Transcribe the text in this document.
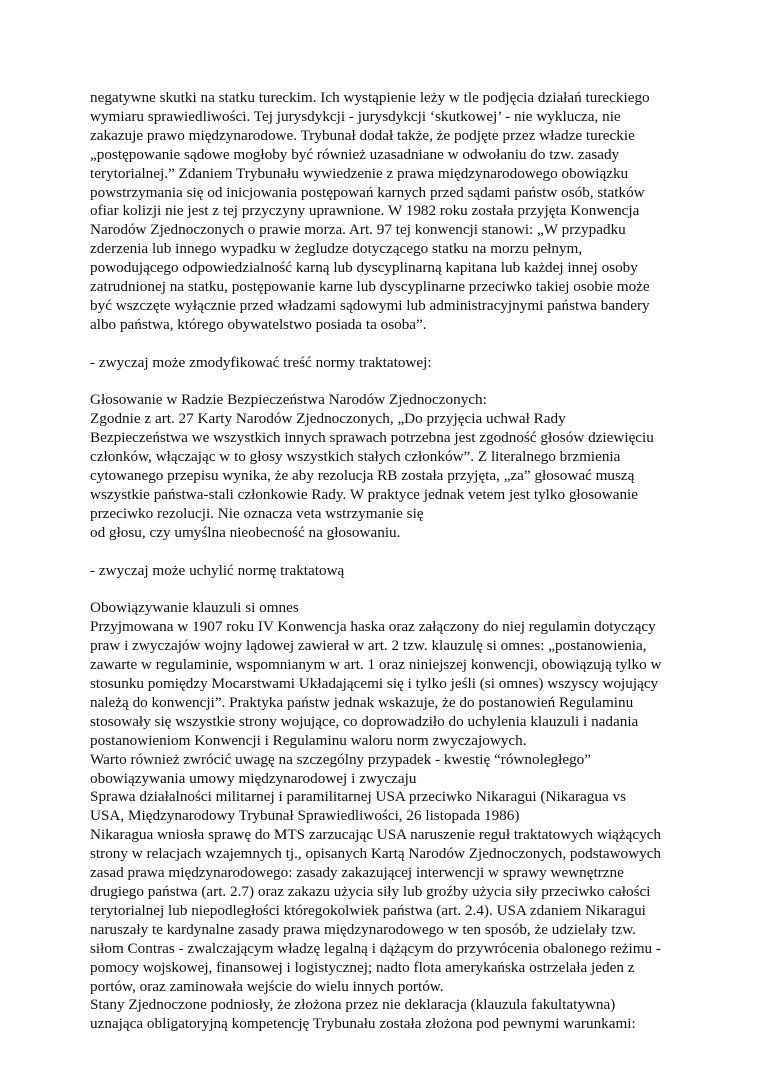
negatywne skutki na statku tureckim. Ich wystąpienie leży w tle podjęcia działań tureckiego
wymiaru sprawiedliwości. Tej jurysdykcji - jurysdykcji ‘skutkowej’ - nie wyklucza, nie
zakazuje prawo międzynarodowe. Trybunał dodał także, że podjęte przez władze tureckie
„postępowanie sądowe mogłoby być również uzasadniane w odwołaniu do tzw. zasady
terytorialnej.” Zdaniem Trybunału wywiedzenie z prawa międzynarodowego obowiązku
powstrzymania się od inicjowania postępowań karnych przed sądami państw osób, statków
ofiar kolizji nie jest z tej przyczyny uprawnione. W 1982 roku została przyjęta Konwencja
Narodów Zjednoczonych o prawie morza. Art. 97 tej konwencji stanowi: „W przypadku
zderzenia lub innego wypadku w żegludze dotyczącego statku na morzu pełnym,
powodującego odpowiedzialność karną lub dyscyplinarną kapitana lub każdej innej osoby
zatrudnionej na statku, postępowanie karne lub dyscyplinarne przeciwko takiej osobie może
być wszczęte wyłącznie przed władzami sądowymi lub administracyjnymi państwa bandery
albo państwa, którego obywatelstwo posiada ta osoba”.
- zwyczaj może zmodyfikować treść normy traktatowej:
Głosowanie w Radzie Bezpieczeństwa Narodów Zjednoczonych:
Zgodnie z art. 27 Karty Narodów Zjednoczonych, „Do przyjęcia uchwał Rady
Bezpieczeństwa we wszystkich innych sprawach potrzebna jest zgodność głosów dziewięciu
członków, włączając w to głosy wszystkich stałych członków”. Z literalnego brzmienia
cytowanego przepisu wynika, że aby rezolucja RB została przyjęta, „za” głosować muszą
wszystkie państwa-stali członkowie Rady. W praktyce jednak vetem jest tylko głosowanie
przeciwko rezolucji. Nie oznacza veta wstrzymanie się
od głosu, czy umyślna nieobecność na głosowaniu.
- zwyczaj może uchylić normę traktatową
Obowiązywanie klauzuli si omnes
Przyjmowana w 1907 roku IV Konwencja haska oraz załączony do niej regulamin dotyczący
praw i zwyczajów wojny lądowej zawierał w art. 2 tzw. klauzulę si omnes: „postanowienia,
zawarte w regulaminie, wspomnianym w art. 1 oraz niniejszej konwencji, obowiązują tylko w
stosunku pomiędzy Mocarstwami Układającemi się i tylko jeśli (si omnes) wszyscy wojujący
należą do konwencji”. Praktyka państw jednak wskazuje, że do postanowień Regulaminu
stosowały się wszystkie strony wojujące, co doprowadziło do uchylenia klauzuli i nadania
postanowieniom Konwencji i Regulaminu waloru norm zwyczajowych.
Warto również zwrócić uwagę na szczególny przypadek - kwestię “równoległego”
obowiązywania umowy międzynarodowej i zwyczaju
Sprawa działalności militarnej i paramilitarnej USA przeciwko Nikaragui (Nikaragua vs
USA, Międzynarodowy Trybunał Sprawiedliwości, 26 listopada 1986)
Nikaragua wniosła sprawę do MTS zarzucając USA naruszenie reguł traktatowych wiążących
strony w relacjach wzajemnych tj., opisanych Kartą Narodów Zjednoczonych, podstawowych
zasad prawa międzynarodowego: zasady zakazującej interwencji w sprawy wewnętrzne
drugiego państwa (art. 2.7) oraz zakazu użycia siły lub groźby użycia siły przeciwko całości
terytorialnej lub niepodległości któregokolwiek państwa (art. 2.4). USA zdaniem Nikaragui
naruszały te kardynalne zasady prawa międzynarodowego w ten sposób, że udzielały tzw.
siłom Contras - zwalczającym władzę legalną i dążącym do przywrócenia obalonego reżimu -
pomocy wojskowej, finansowej i logistycznej; nadto flota amerykańska ostrzelała jeden z
portów, oraz zaminowała wejście do wielu innych portów.
Stany Zjednoczone podniosły, że złożona przez nie deklaracja (klauzula fakultatywna)
uznająca obligatoryjną kompetencję Trybunału została złożona pod pewnymi warunkami:
